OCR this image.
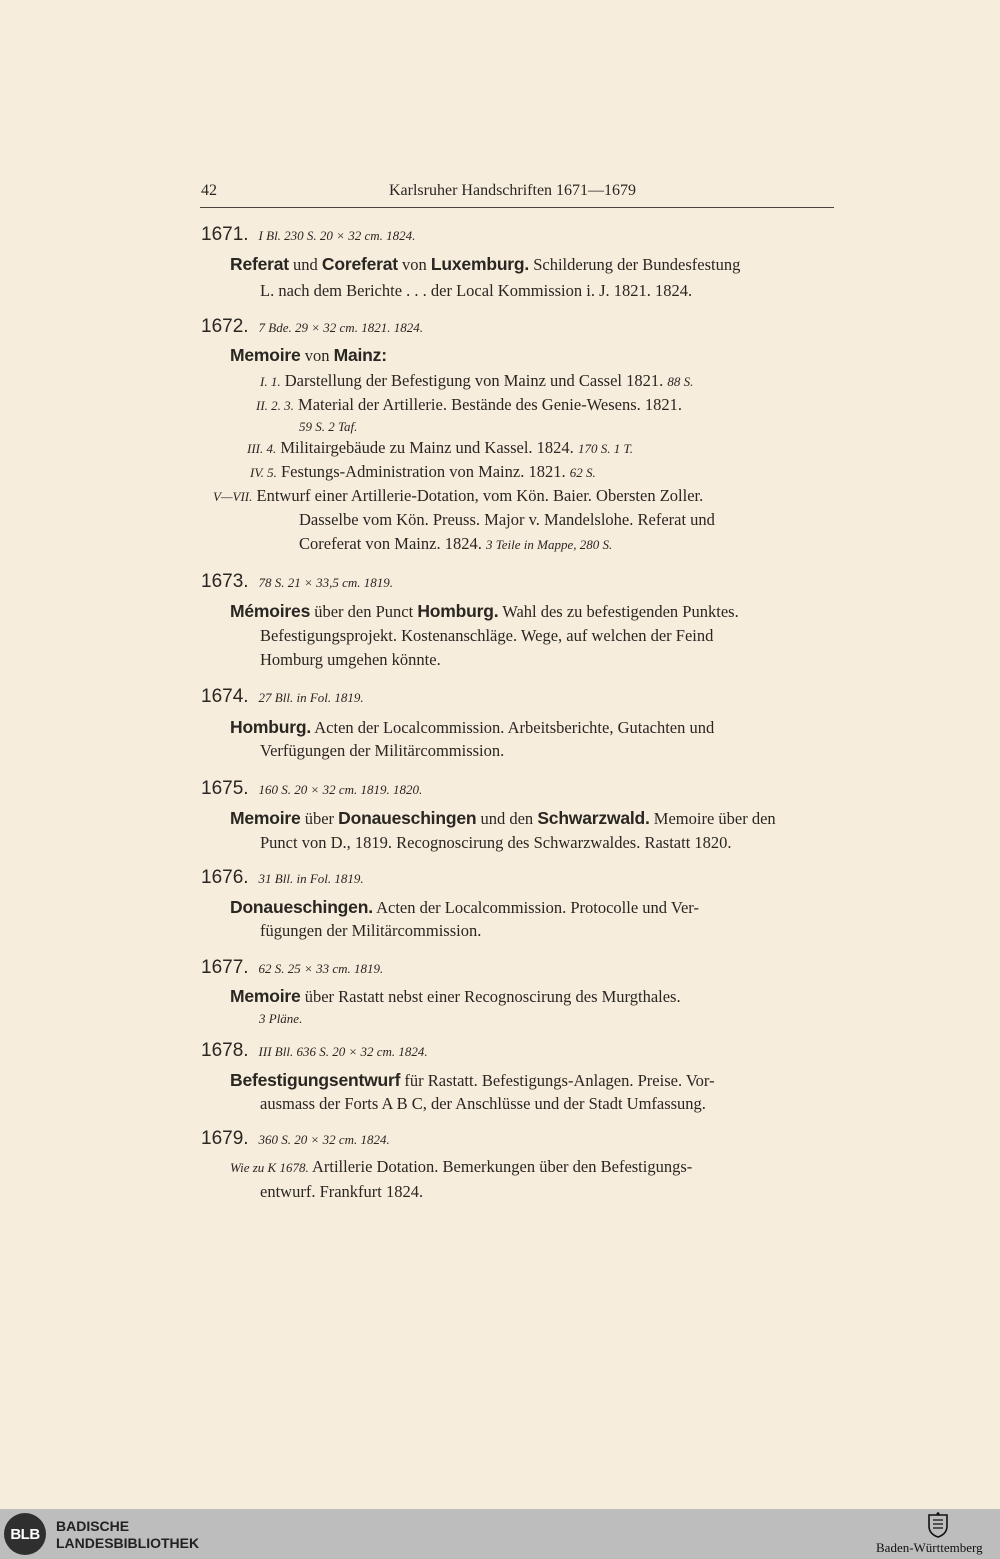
42	Karlsruher Handschriften 1671—1679
1671. I Bl. 230 S. 20 × 32 cm. 1824.
Referat und Coreferat von Luxemburg. Schilderung der Bundesfestung
L. nach dem Berichte . . . der Local Kommission i. J. 1821. 1824.
1672. 7 Bde. 29 × 32 cm. 1821. 1824.
Memoire von Mainz:
I. 1. Darstellung der Befestigung von Mainz und Cassel 1821. 88 S.
II. 2. 3. Material der Artillerie. Bestände des Genie-Wesens. 1821.
59 S. 2 Taf.
III. 4. Militairgebäude zu Mainz und Kassel. 1824. 170 S. 1 T.
IV. 5. Festungs-Administration von Mainz. 1821. 62 S.
V—VII. Entwurf einer Artillerie-Dotation, vom Kön. Baier. Obersten Zoller.
Dasselbe vom Kön. Preuss. Major v. Mandelslohe. Referat und
Coreferat von Mainz. 1824. 3 Teile in Mappe, 280 S.
1673. 78 S. 21 × 33,5 cm. 1819.
Mémoires über den Punct Homburg. Wahl des zu befestigenden Punktes.
Befestigungsprojekt. Kostenanschläge. Wege, auf welchen der Feind
Homburg umgehen könnte.
1674. 27 Bll. in Fol. 1819.
Homburg. Acten der Localcommission. Arbeitsberichte, Gutachten und
Verfügungen der Militärcommission.
1675. 160 S. 20 × 32 cm. 1819. 1820.
Memoire über Donaueschingen und den Schwarzwald. Memoire über den
Punct von D., 1819. Recognoscirung des Schwarzwaldes. Rastatt 1820.
1676. 31 Bll. in Fol. 1819.
Donaueschingen. Acten der Localcommission. Protocolle und Ver-
fügungen der Militärcommission.
1677. 62 S. 25 × 33 cm. 1819.
Memoire über Rastatt nebst einer Recognoscirung des Murgthales.
3 Pläne.
1678. III Bll. 636 S. 20 × 32 cm. 1824.
Befestigungsentwurf für Rastatt. Befestigungs-Anlagen. Preise. Vor-
ausmass der Forts A B C, der Anschlüsse und der Stadt Umfassung.
1679. 360 S. 20 × 32 cm. 1824.
Wie zu K 1678. Artillerie Dotation. Bemerkungen über den Befestigungs-
entwurf. Frankfurt 1824.
BLB	BADISCHE
LANDESBIBLIOTHEK	Baden-Württemberg
